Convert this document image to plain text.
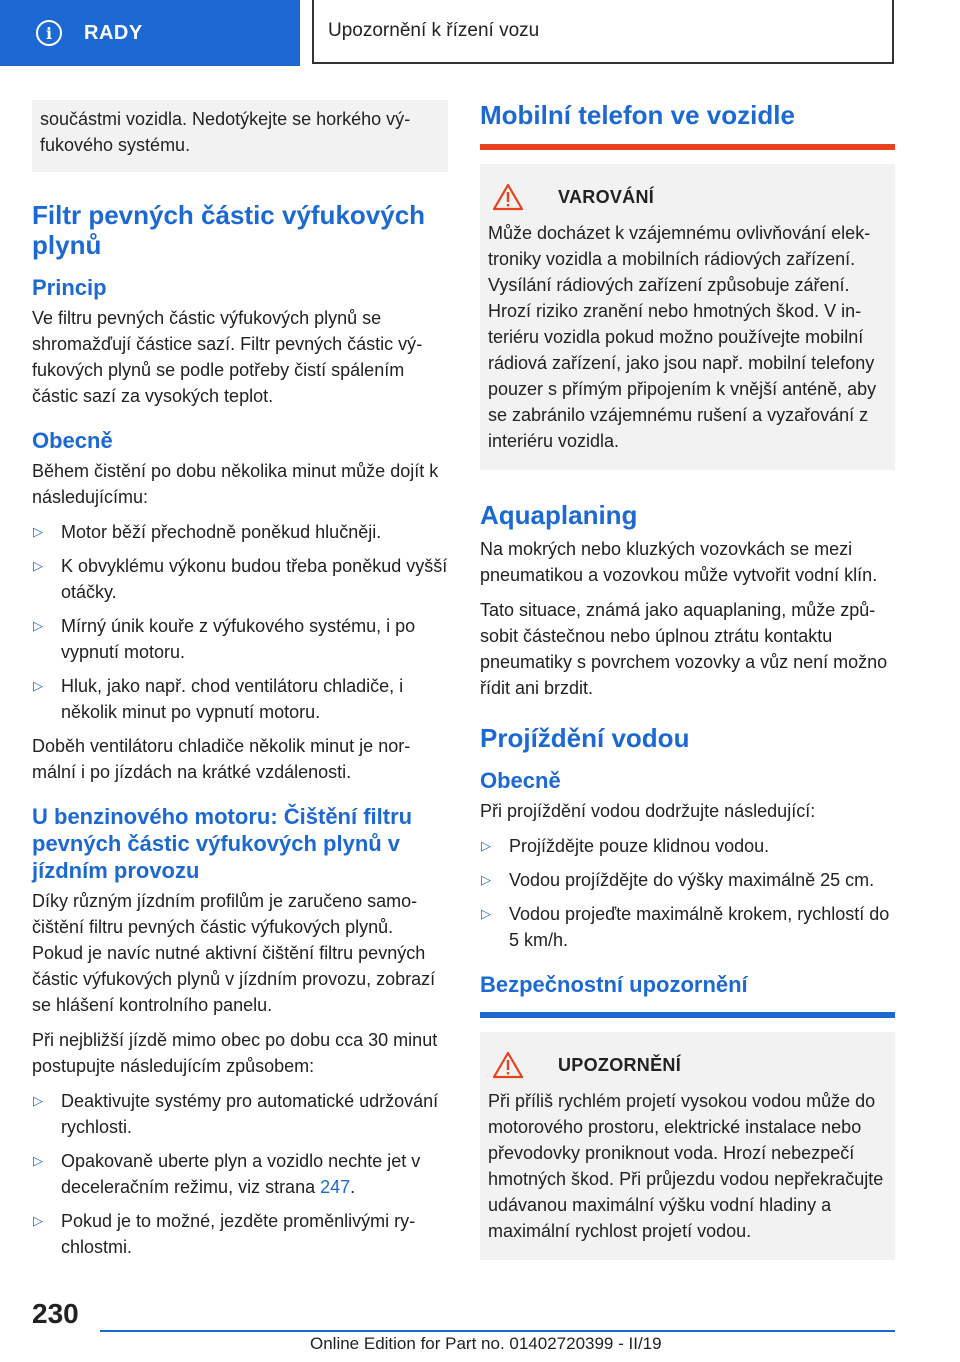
i	RADY	Upozornění k řízení vozu

součástmi vozidla. Nedotýkejte se horkého výfukového systému.

Filtr pevných částic výfukových plynů
Princip

Ve filtru pevných částic výfukových plynů se shromažďují částice sazí. Filtr pevných částic výfukových plynů se podle potřeby čistí spálením částic sazí za vysokých teplot.

Obecně

Během čistění po dobu několika minut může dojít k následujícímu:

▷ Motor běží přechodně poněkud hlučněji.
▷ K obvyklému výkonu budou třeba poněkud vyšší otáčky.
▷ Mírný únik kouře z výfukového systému, i po vypnutí motoru.
▷ Hluk, jako např. chod ventilátoru chladiče, i několik minut po vypnutí motoru.

Doběh ventilátoru chladiče několik minut je normální i po jízdách na krátké vzdálenosti.

U benzinového motoru: Čištění filtru pevných částic výfukových plynů v jízdním provozu

Díky různým jízdním profilům je zaručeno samočištění filtru pevných částic výfukových plynů. Pokud je navíc nutné aktivní čištění filtru pevných částic výfukových plynů v jízdním provozu, zobrazí se hlášení kontrolního panelu.

Při nejbližší jízdě mimo obec po dobu cca 30 minut postupujte následujícím způsobem:

▷ Deaktivujte systémy pro automatické udržování rychlosti.
▷ Opakovaně uberte plyn a vozidlo nechte jet v deceleračním režimu, viz strana 247.
▷ Pokud je to možné, jezděte proměnlivými rychlostmi.
Mobilní telefon ve vozidle
VAROVÁNÍ

Může docházet k vzájemnému ovlivňování elektroniky vozidla a mobilních rádiových zařízení. Vysílání rádiových zařízení způsobuje záření. Hrozí riziko zranění nebo hmotných škod. V interiéru vozidla pokud možno používejte mobilní rádiová zařízení, jako jsou např. mobilní telefony pouzer s přímým připojením k vnější anténě, aby se zabránilo vzájemnému rušení a vyzařování z interiéru vozidla.

Aquaplaning

Na mokrých nebo kluzkých vozovkách se mezi pneumatikou a vozovkou může vytvořit vodní klín.

Tato situace, známá jako aquaplaning, může způsobit částečnou nebo úplnou ztrátu kontaktu pneumatiky s povrchem vozovky a vůz není možno řídit ani brzdit.

Projíždění vodou
Obecně

Při projíždění vodou dodržujte následující:

▷ Projíždějte pouze klidnou vodou.
▷ Vodou projíždějte do výšky maximálně 25 cm.
▷ Vodou projeďte maximálně krokem, rychlostí do 5 km/h.
Bezpečnostní upozornění
UPOZORNĚNÍ

Při příliš rychlém projetí vysokou vodou může do motorového prostoru, elektrické instalace nebo převodovky proniknout voda. Hrozí nebezpečí hmotných škod. Při průjezdu vodou nepřekračujte udávanou maximální výšku vodní hladiny a maximální rychlost projetí vodou.

230
Online Edition for Part no. 01402720399 - II/19
